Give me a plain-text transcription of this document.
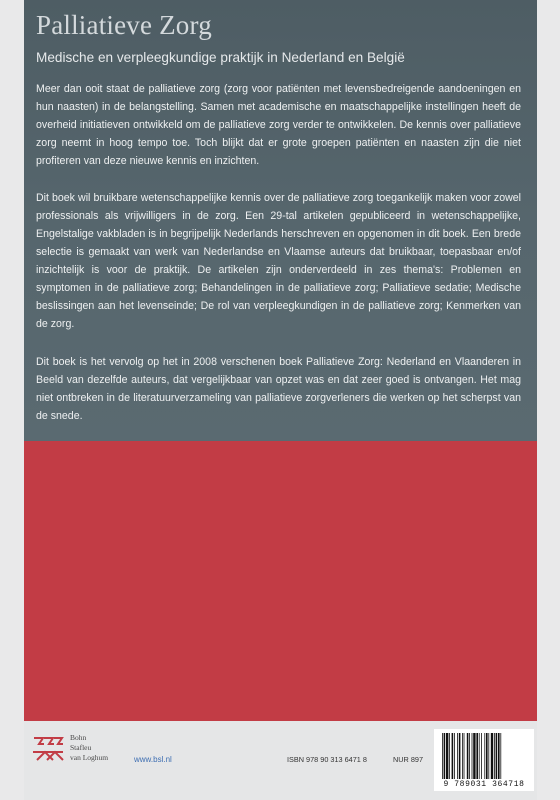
Palliatieve Zorg
Medische en verpleegkundige praktijk in Nederland en België

Meer dan ooit staat de palliatieve zorg (zorg voor patiënten met levensbedreigende aandoeningen en hun naasten) in de belangstelling. Samen met academische en maatschappelijke instellingen heeft de overheid initiatieven ontwikkeld om de palliatieve zorg verder te ontwikkelen. De kennis over palliatieve zorg neemt in hoog tempo toe. Toch blijkt dat er grote groepen patiënten en naasten zijn die niet profiteren van deze nieuwe kennis en inzichten.

Dit boek wil bruikbare wetenschappelijke kennis over de palliatieve zorg toegankelijk maken voor zowel professionals als vrijwilligers in de zorg. Een 29-tal artikelen gepubliceerd in wetenschappelijke, Engelstalige vakbladen is in begrijpelijk Nederlands herschreven en opgenomen in dit boek. Een brede selectie is gemaakt van werk van Nederlandse en Vlaamse auteurs dat bruikbaar, toepasbaar en/of inzichtelijk is voor de praktijk. De artikelen zijn onderverdeeld in zes thema's: Problemen en symptomen in de palliatieve zorg; Behandelingen in de palliatieve zorg; Palliatieve sedatie; Medische beslissingen aan het levenseinde; De rol van verpleegkundigen in de palliatieve zorg; Kenmerken van de zorg.

Dit boek is het vervolg op het in 2008 verschenen boek Palliatieve Zorg: Nederland en Vlaanderen in Beeld van dezelfde auteurs, dat vergelijkbaar van opzet was en dat zeer goed is ontvangen. Het mag niet ontbreken in de literatuurverzameling van palliatieve zorgverleners die werken op het scherpst van de snede.

Bohn
Stafleu
van Loghum	www.bsl.nl	ISBN 978 90 313 6471 8	NUR 897
9 789031 364718
